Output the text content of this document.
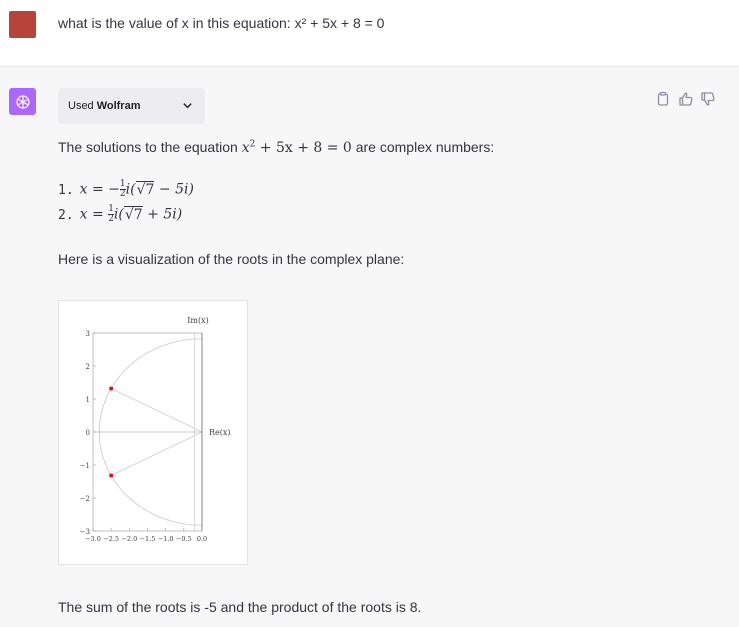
what is the value of x in this equation: x² + 5x + 8 = 0
Used Wolfram
The solutions to the equation $x^2 + 5x + 8 = 0$ are complex numbers:
1. x = − $\frac{1}{2} i(√7 - 5i)$
2. $x = \frac{1}{2} i(√7 + 5i)$
Here is a visualization of the roots in the complex plane:
3
2
1
0
−1
−2
−3
−3.0 −2.5 −2.0 −1.5 −1.0 −0.5 0.0
Im(x)
Re(x)
The sum of the roots is -5 and the product of the roots is 8.
